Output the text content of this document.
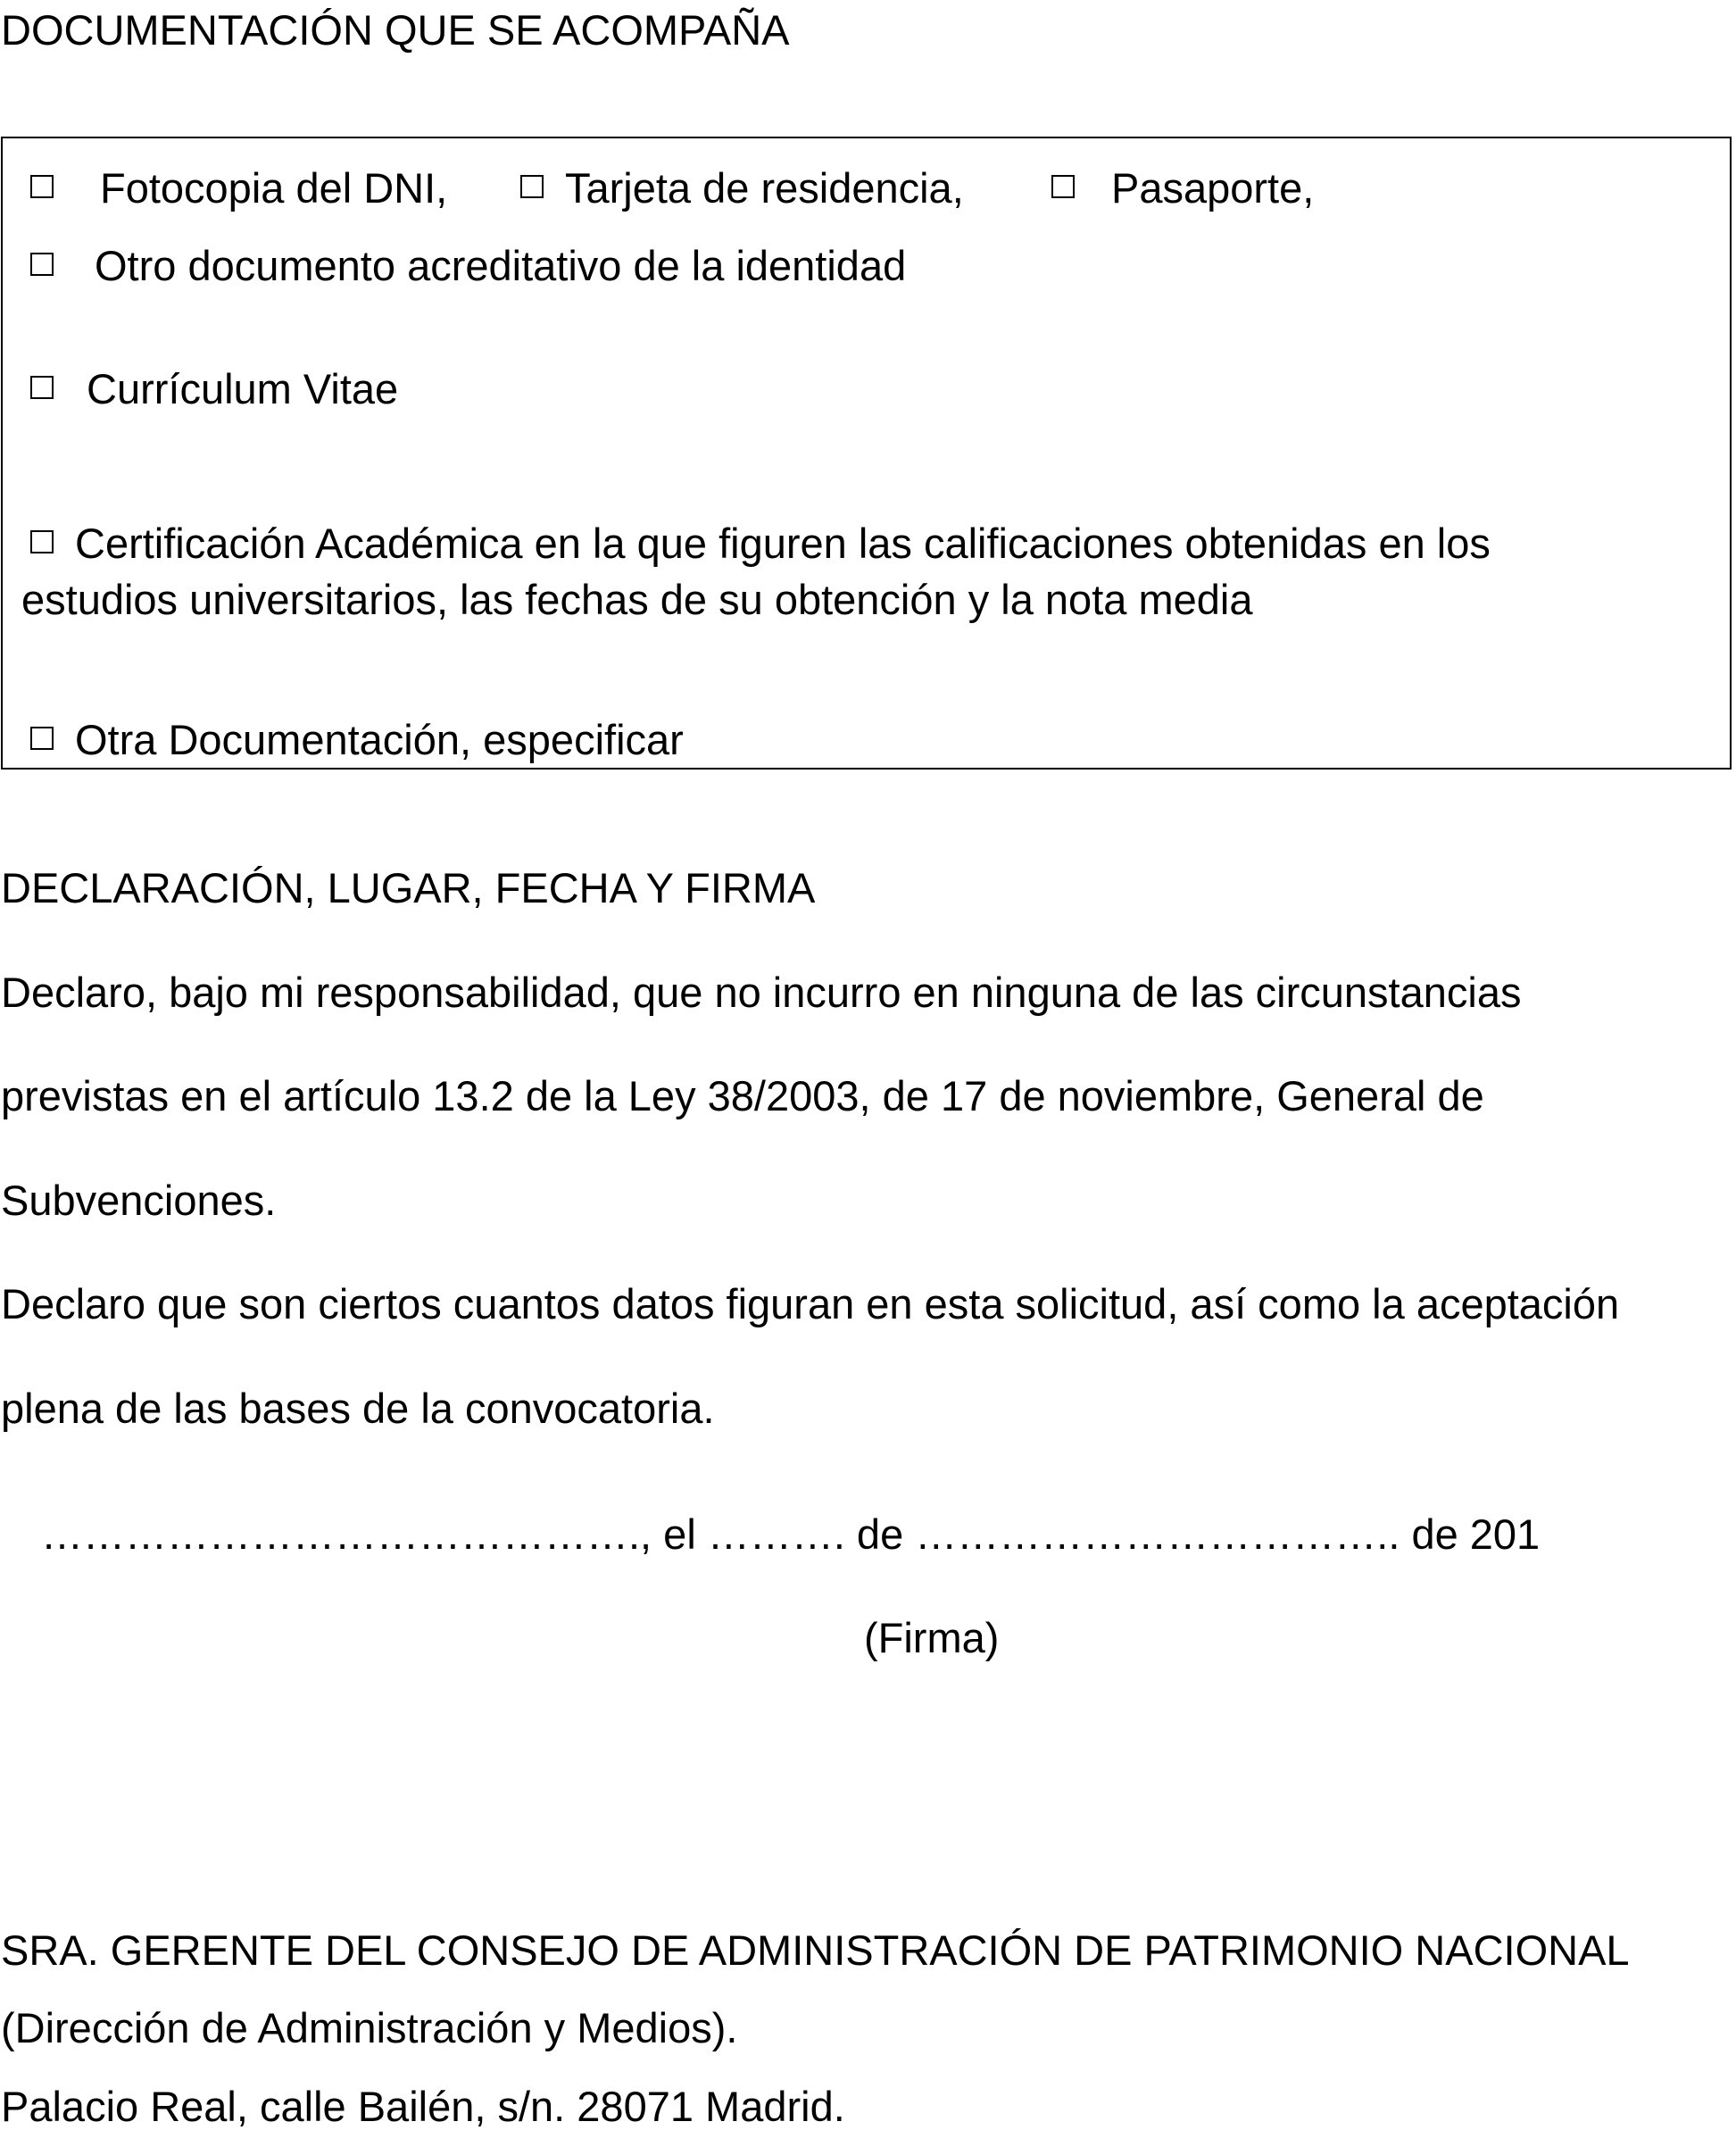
DOCUMENTACIÓN QUE SE ACOMPAÑA

Fotocopia del DNI,	Tarjeta de residencia,	Pasaporte,

Otro documento acreditativo de la identidad

Currículum Vitae

Certificación Académica en la que figuren las calificaciones obtenidas en los

estudios universitarios, las fechas de su obtención y la nota media

Otra Documentación, especificar

DECLARACIÓN, LUGAR, FECHA Y FIRMA

Declaro, bajo mi responsabilidad, que no incurro en ninguna de las circunstancias

previstas en el artículo 13.2 de la Ley 38/2003, de 17 de noviembre, General de

Subvenciones.

Declaro que son ciertos cuantos datos figuran en esta solicitud, así como la aceptación

plena de las bases de la convocatoria.

……………………………………., el ………. de …………………………….. de 201

(Firma)

SRA. GERENTE DEL CONSEJO DE ADMINISTRACIÓN DE PATRIMONIO NACIONAL

(Dirección de Administración y Medios).

Palacio Real, calle Bailén, s/n. 28071 Madrid.
